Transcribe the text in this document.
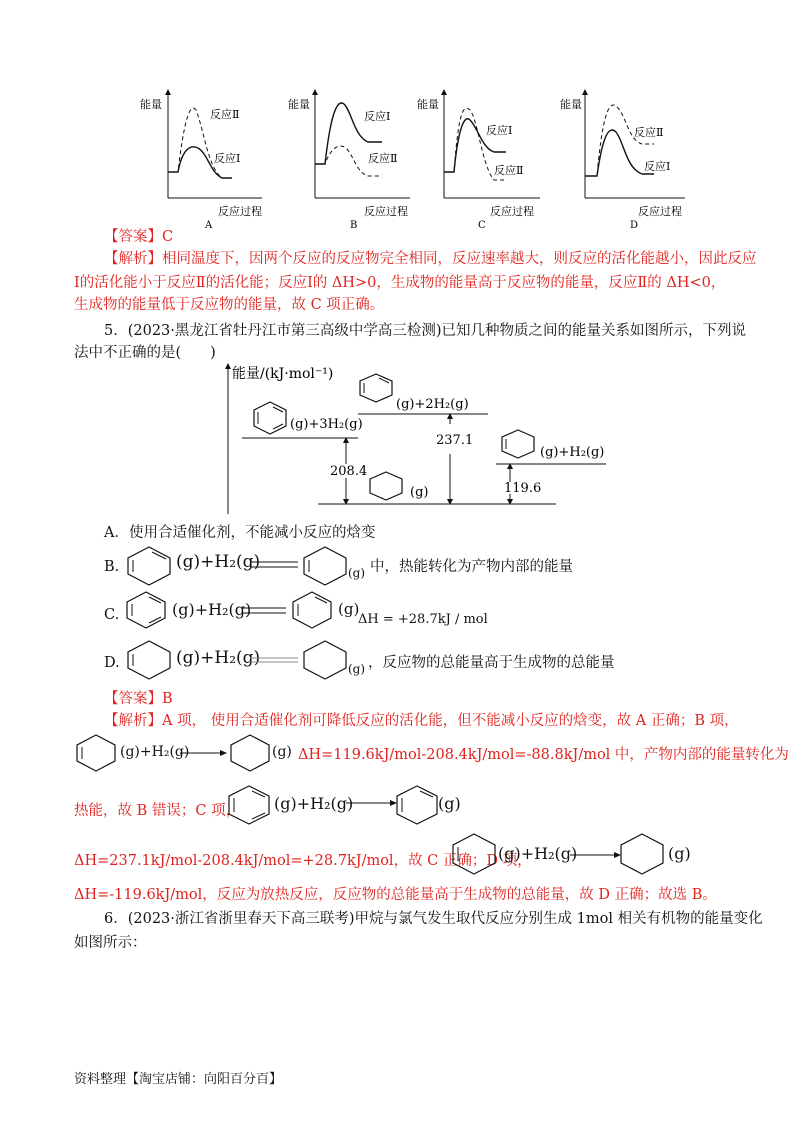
能量
反应过程
A
反应Ⅱ
反应Ⅰ
能量
反应过程
B
反应Ⅰ
反应Ⅱ
能量
反应过程
C
反应Ⅰ
反应Ⅱ
能量
反应过程
D
反应Ⅱ
反应Ⅰ
【答案】C
【解析】相同温度下，因两个反应的反应物完全相同，反应速率越大，则反应的活化能越小，因此反应
Ⅰ的活化能小于反应Ⅱ的活化能；反应Ⅰ的 ΔH>0，生成物的能量高于反应物的能量，反应Ⅱ的 ΔH<0，
生成物的能量低于反应物的能量，故 C 项正确。
5．(2023·黑龙江省牡丹江市第三高级中学高三检测)已知几种物质之间的能量关系如图所示，下列说
法中不正确的是(　　)
能量/(kJ·mol⁻¹)
(g)+3H₂(g)
(g)+2H₂(g)
(g)+H₂(g)
(g)
208.4
237.1
119.6
A．使用合适催化剂，不能减小反应的焓变
B.	(g)+H₂(g)
(g) 中，热能转化为产物内部的能量
C.	(g)+H₂(g)	(g)
ΔH = +28.7kJ / mol
D.	(g)+H₂(g)
(g) ，反应物的总能量高于生成物的总能量
【答案】B
【解析】A 项， 使用合适催化剂可降低反应的活化能，但不能减小反应的焓变，故 A 正确；B 项，
(g)+H₂(g)	(g) ΔH=119.6kJ/mol-208.4kJ/mol=-88.8kJ/mol 中，产物内部的能量转化为
热能，故 B 错误；C 项， (g)+H₂(g)	(g)
ΔH=237.1kJ/mol-208.4kJ/mol=+28.7kJ/mol，故 C 正确；D 项，
(g)+H₂(g)	(g)
ΔH=-119.6kJ/mol，反应为放热反应，反应物的总能量高于生成物的总能量，故 D 正确；故选 B。
6．(2023·浙江省浙里春天下高三联考)甲烷与氯气发生取代反应分别生成 1mol 相关有机物的能量变化
如图所示：
资料整理【淘宝店铺：向阳百分百】
